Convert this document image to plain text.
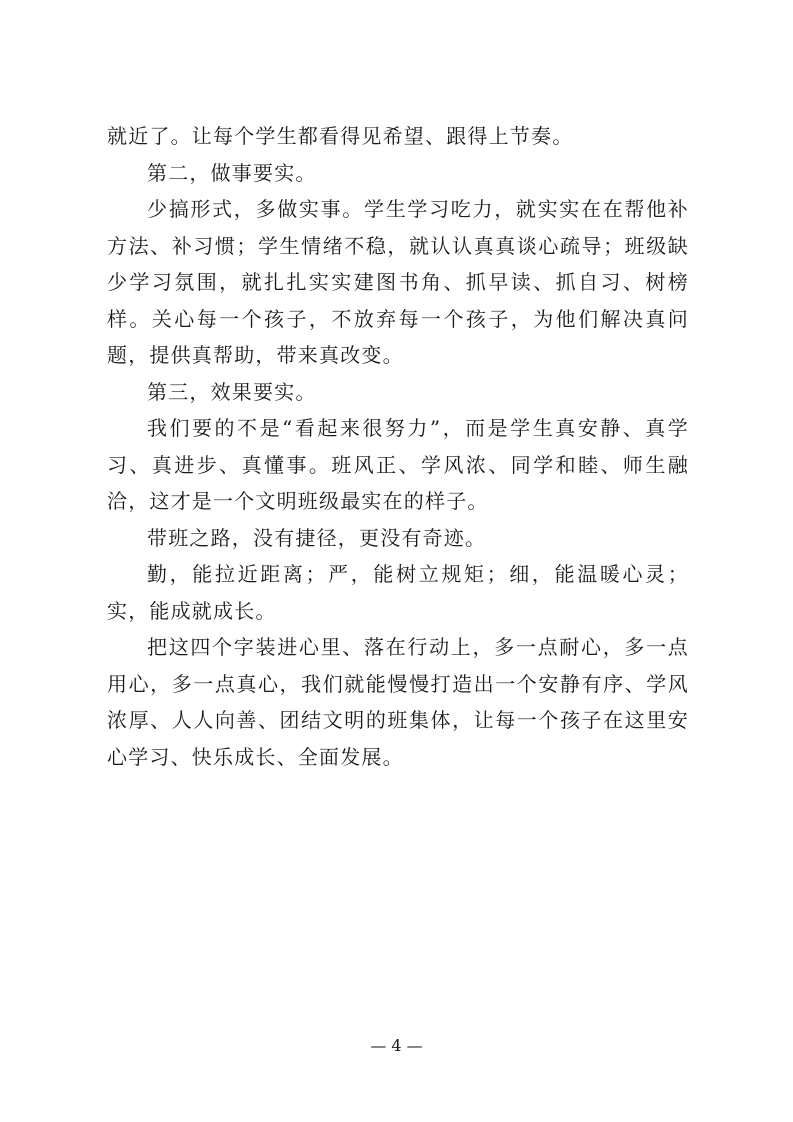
就近了。让每个学生都看得见希望、跟得上节奏。

第二，做事要实。

少搞形式，多做实事。学生学习吃力，就实实在在帮他补方法、补习惯；学生情绪不稳，就认认真真谈心疏导；班级缺少学习氛围，就扎扎实实建图书角、抓早读、抓自习、树榜样。关心每一个孩子，不放弃每一个孩子，为他们解决真问题，提供真帮助，带来真改变。

第三，效果要实。

我们要的不是“看起来很努力”，而是学生真安静、真学习、真进步、真懂事。班风正、学风浓、同学和睦、师生融洽，这才是一个文明班级最实在的样子。

带班之路，没有捷径，更没有奇迹。

勤，能拉近距离；严，能树立规矩；细，能温暖心灵；实，能成就成长。

把这四个字装进心里、落在行动上，多一点耐心，多一点用心，多一点真心，我们就能慢慢打造出一个安静有序、学风浓厚、人人向善、团结文明的班集体，让每一个孩子在这里安心学习、快乐成长、全面发展。

— 4 —
